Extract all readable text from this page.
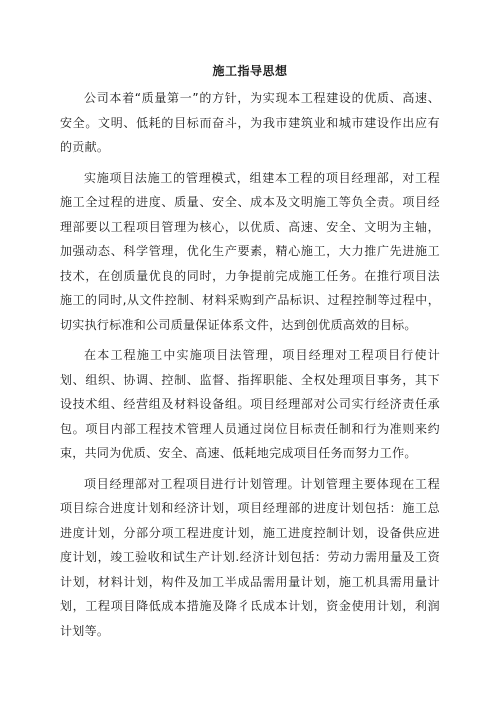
施工指导思想

公司本着“质量第一”的方针，为实现本工程建设的优质、高速、安全。文明、低耗的目标而奋斗，为我市建筑业和城市建设作出应有的贡献。

实施项目法施工的管理模式，组建本工程的项目经理部，对工程施工全过程的进度、质量、安全、成本及文明施工等负全责。项目经理部要以工程项目管理为核心，以优质、高速、安全、文明为主轴，加强动态、科学管理，优化生产要素，精心施工，大力推广先进施工技术，在创质量优良的同时，力争提前完成施工任务。在推行项目法施工的同时,从文件控制、材料采购到产品标识、过程控制等过程中，切实执行标准和公司质量保证体系文件，达到创优质高效的目标。

在本工程施工中实施项目法管理，项目经理对工程项目行使计划、组织、协调、控制、监督、指挥职能、全权处理项目事务，其下设技术组、经营组及材料设备组。项目经理部对公司实行经济责任承包。项目内部工程技术管理人员通过岗位目标责任制和行为准则来约束，共同为优质、安全、高速、低耗地完成项目任务而努力工作。

项目经理部对工程项目进行计划管理。计划管理主要体现在工程项目综合进度计划和经济计划，项目经理部的进度计划包括：施工总进度计划，分部分项工程进度计划，施工进度控制计划，设备供应进度计划，竣工验收和试生产计划.经济计划包括：劳动力需用量及工资计划，材料计划，构件及加工半成品需用量计划，施工机具需用量计划，工程项目降低成本措施及降彳氐成本计划，资金使用计划，利润计划等。
